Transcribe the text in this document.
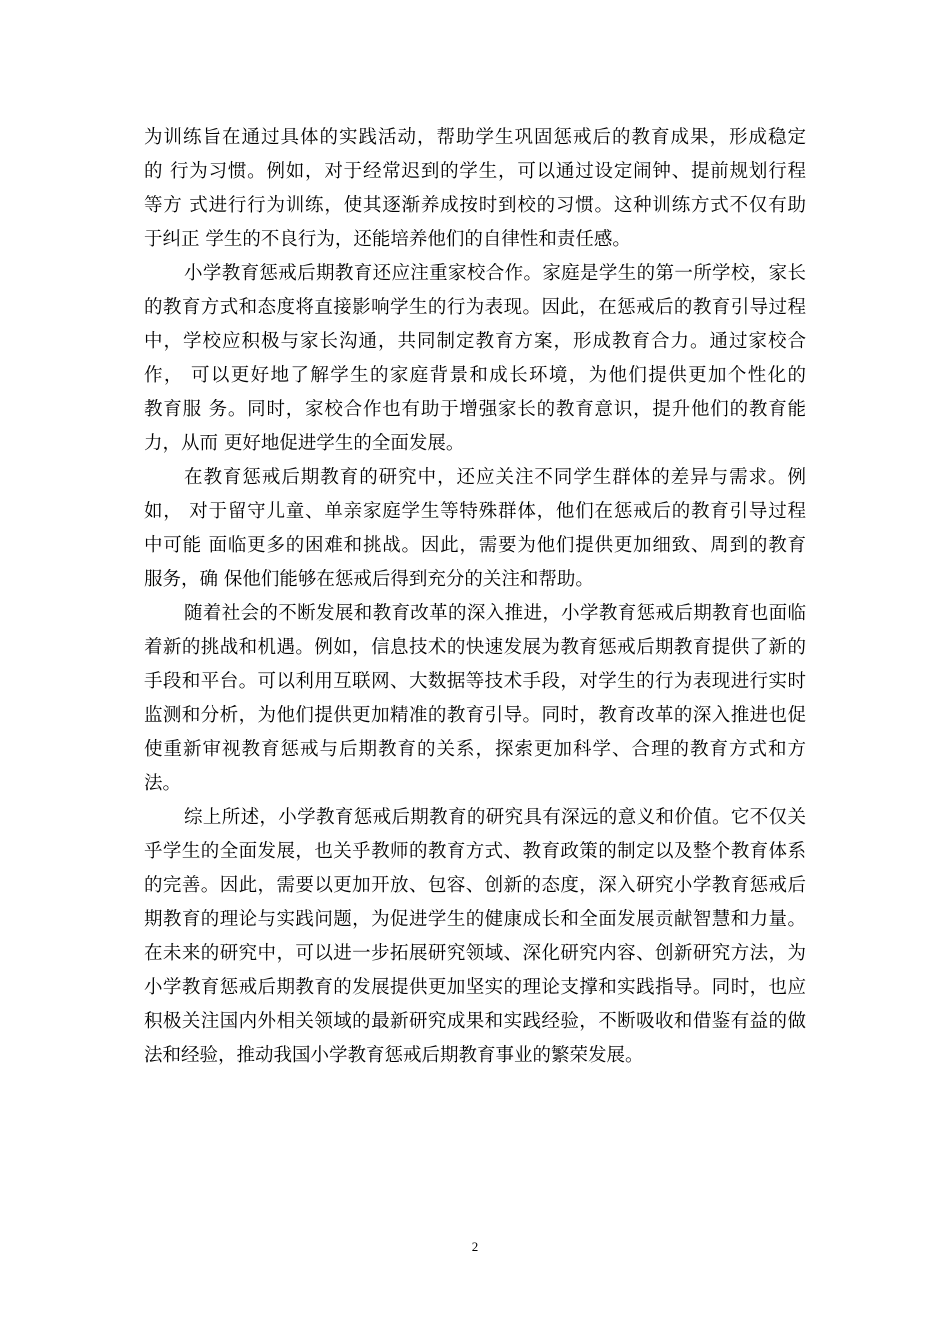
为训练旨在通过具体的实践活动，帮助学生巩固惩戒后的教育成果，形成稳定
的 行为习惯。例如，对于经常迟到的学生，可以通过设定闹钟、提前规划行程
等方 式进行行为训练，使其逐渐养成按时到校的习惯。这种训练方式不仅有助
于纠正 学生的不良行为，还能培养他们的自律性和责任感。
小学教育惩戒后期教育还应注重家校合作。家庭是学生的第一所学校，家长
的教育方式和态度将直接影响学生的行为表现。因此，在惩戒后的教育引导过程
中，学校应积极与家长沟通，共同制定教育方案，形成教育合力。通过家校合
作， 可以更好地了解学生的家庭背景和成长环境，为他们提供更加个性化的
教育服 务。同时，家校合作也有助于增强家长的教育意识，提升他们的教育能
力，从而 更好地促进学生的全面发展。
在教育惩戒后期教育的研究中，还应关注不同学生群体的差异与需求。例
如， 对于留守儿童、单亲家庭学生等特殊群体，他们在惩戒后的教育引导过程
中可能 面临更多的困难和挑战。因此，需要为他们提供更加细致、周到的教育
服务，确 保他们能够在惩戒后得到充分的关注和帮助。
随着社会的不断发展和教育改革的深入推进，小学教育惩戒后期教育也面临
着新的挑战和机遇。例如，信息技术的快速发展为教育惩戒后期教育提供了新的
手段和平台。可以利用互联网、大数据等技术手段，对学生的行为表现进行实时
监测和分析，为他们提供更加精准的教育引导。同时，教育改革的深入推进也促
使重新审视教育惩戒与后期教育的关系，探索更加科学、合理的教育方式和方
法。
综上所述，小学教育惩戒后期教育的研究具有深远的意义和价值。它不仅关
乎学生的全面发展，也关乎教师的教育方式、教育政策的制定以及整个教育体系
的完善。因此，需要以更加开放、包容、创新的态度，深入研究小学教育惩戒后
期教育的理论与实践问题，为促进学生的健康成长和全面发展贡献智慧和力量。
在未来的研究中，可以进一步拓展研究领域、深化研究内容、创新研究方法，为
小学教育惩戒后期教育的发展提供更加坚实的理论支撑和实践指导。同时，也应
积极关注国内外相关领域的最新研究成果和实践经验，不断吸收和借鉴有益的做
法和经验，推动我国小学教育惩戒后期教育事业的繁荣发展。
2
